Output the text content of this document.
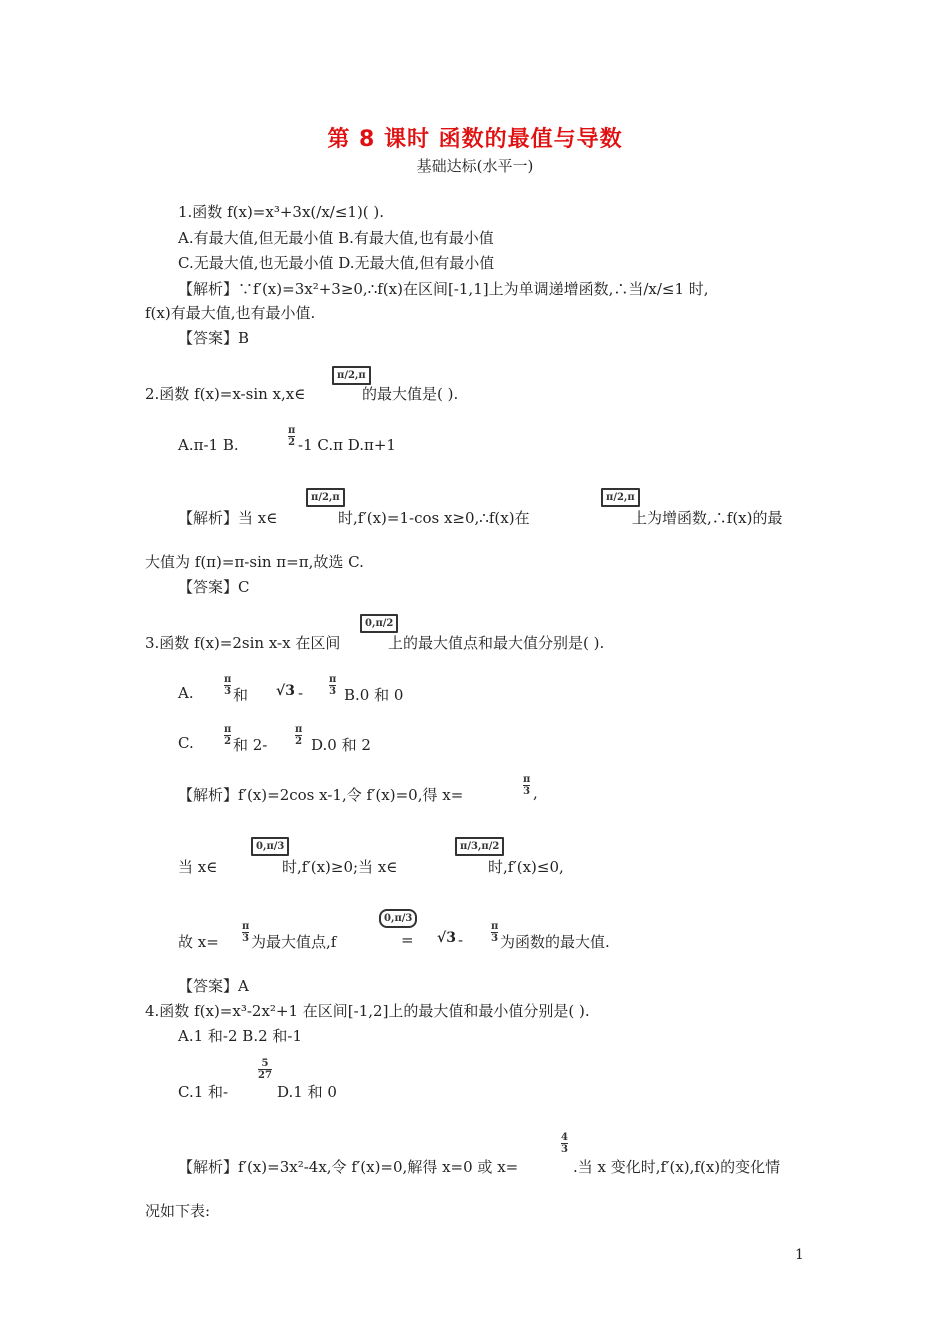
第 8 课时 函数的最值与导数
基础达标(水平一)
1.函数 f(x)=x³+3x(/x/≤1)( ).
A.有最大值,但无最小值 B.有最大值,也有最小值
C.无最大值,也无最小值 D.无最大值,但有最小值
【解析】∵f′(x)=3x²+3≥0,∴f(x)在区间[-1,1]上为单调递增函数,∴当/x/≤1 时,
f(x)有最大值,也有最小值.
【答案】B
2.函数 f(x)=x-sin x,x∈
π/2,π
的最大值是( ).
A.π-1 B.	$\frac{\pi}{2} -1$ C.π D.π+1
【解析】当 x∈
π/2,π
时,f′(x)=1-cos x≥0,∴f(x)在
π/2,π
上为增函数,∴f(x)的最
大值为 f(π)=π-sin π=π,故选 C.
【答案】C
3.函数 f(x)=2sin x-x 在区间
0,π/2
上的最大值点和最大值分别是( ).
A.	$\frac{\pi}{3}$ 和 √3 -	$\frac{\pi}{3} B.0$ 和 0
C.	$\frac{\pi}{2}$ 和 2-	$\frac{\pi}{2} D.0$ 和 2
【解析】f′(x)=2cos x-1,令 f′(x)=0,得 x=	$\frac{\pi}{3}$ ,
当 x∈
0,π/3
时,f′(x)≥0;当 x∈
π/3,π/2
时,f′(x)≤0,
故 $x= \frac{\pi}{3}$ 为最大值点,f
0,π/3
= √3 -	$\frac{\pi}{3}$ 为函数的最大值.
【答案】A
4.函数 f(x)=x³-2x²+1 在区间[-1,2]上的最大值和最小值分别是( ).
A.1 和-2 B.2 和-1
C.1 和-
$\frac{5}{27}$
D.1 和 0
【解析】f′(x)=3x²-4x,令 f′(x)=0,解得 x=0 或 x=
$\frac{4}{3}$
.当 x 变化时,f′(x),f(x)的变化情
况如下表:
1
